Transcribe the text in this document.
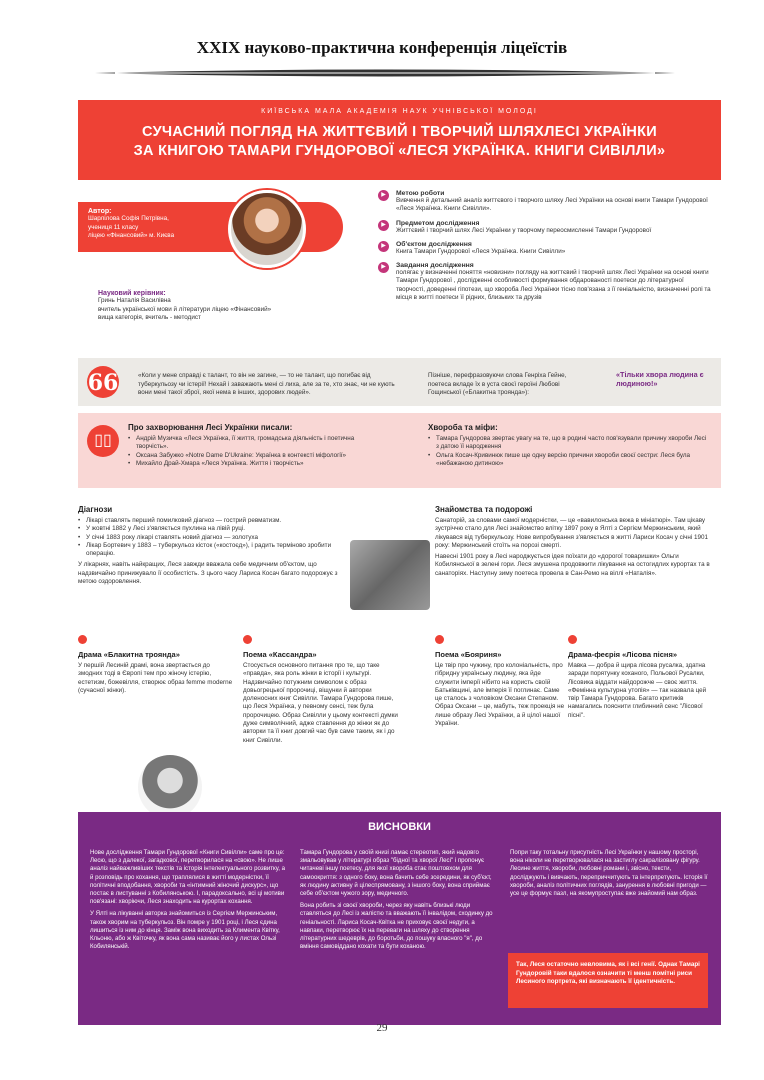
XXIX науково-практична конференція ліцеїстів
КИЇВСЬКА МАЛА АКАДЕМІЯ НАУК УЧНІВСЬКОЇ МОЛОДІ
СУЧАСНИЙ ПОГЛЯД НА ЖИТТЄВИЙ І ТВОРЧИЙ ШЛЯХЛЕСІ УКРАЇНКИ
ЗА КНИГОЮ ТАМАРИ ГУНДОРОВОЇ «ЛЕСЯ УКРАЇНКА. КНИГИ СИВІЛЛИ»
Автор:
Шарлілова Софія Петрівна,
учениця 11 класу
ліцею «Фінансовий» м. Києва
Науковий керівник:
Гринь Наталія Василівна
вчитель української мови й літератури ліцею «Фінансовий»
вища категорія, вчитель - методист
▶	Метою роботи
Вивчення й детальний аналіз життєвого і творчого шляху Лесі Українки на основі книги Тамари Гундорової «Леся Українка. Книги Сивілли».
▶	Предметом дослідження
Життєвий і творчий шлях Лесі Українки у творчому переосмисленні Тамари Гундорової
▶	Об'єктом дослідження
Книга Тамари Гундорової «Леся Українка. Книги Сивілли»
▶	Завдання дослідження
полягає у визначенні поняття «новизни» погляду на життєвий і творчий шлях Лесі Українки на основі книги Тамари Гундорової , дослідженні особливості формування обдарованості поетеси до літературної творчості, доведенні гіпотези, що хвороба Лесі Українки тісно пов'язана з її геніальністю, визначенні ролі та місця в житті поетеси її рідних, близьких та друзів
66	«Коли у мене справді є талант, то він не загине, — то не талант, що погибає від туберкульозу чи істерії! Нехай і заважають мені сі лиха, але за те, хто знає, чи не кують вони мені такої зброї, якої нема в інших, здорових людей».
Пізніше, перефразовуючи слова Генріха Гейне, поетеса вкладе їх в уста своєї героїні Любові Гощинської («Блакитна троянда»):
«Тільки хвора людина є людиною!»
▯▯
Про захворювання Лесі Українки писали:
• Андрій Музичка «Леся Українка, її життя, громадська діяльність і поетична творчість».
• Оксана Забужко «Notre Dame D'Ukraine: Українка в контексті міфології»
• Михайло Драй-Хмара «Леся Українка. Життя і творчість»
Хвороба та міфи:
• Тамара Гундорова звертає увагу на те, що в родині часто пов'язували причину хвороби Лесі з датою її народження
• Ольга Косач-Кривинюк пише ще одну версію причини хвороби своєї сестри: Леся була «небажаною дитиною»
Діагнози
• Лікарі ставлять перший помилковий діагноз — гострий ревматизм.
• У жовтні 1882 у Лесі з'являється пухлина на лівій руці.
• У січні 1883 року лікарі ставлять новий діагноз — золотуха
• Лікар Бортевич у 1883 – туберкульоз кісток («костоєд»), і радить терміново зробити операцію.
У лікарнях, навіть найкращих, Леся завжди вважала себе медичним об'єктом, що надзвичайно принижувало її особистість. З цього часу Лариса Косач багато подорожує з метою оздоровлення.
Знайомства та подорожі
Санаторій, за словами самої модерністки, — це «вавилонська вежа в мініатюрі». Там цікаву зустріччю стало для Лесі знайомство влітку 1897 року в Ялті з Сергієм Мержинським, який лікувався від туберкульозу. Нове випробування з'являється в житті Лариси Косач у січні 1901 року: Мержинський стоїть на порозі смерті.
Навесні 1901 року в Лесі народжується ідея поїхати до «дорогої товаришки» Ольги Кобилянської в зелені гори. Леся змушена продовжити лікування на остогидлих курортах та в санаторіях. Наступну зиму поетеса провела в Сан-Ремо на віллі «Наталія».
Драма «Блакитна троянда»
У першій Лесиній драмі, вона звертається до змодних тоді в Європі тем про жіночу істерію, естетизм, божевілля, створює образ femme moderne (сучасної жінки).
Поема «Кассандра»
Стосується основного питання про те, що таке «правда», яка роль жінки в історії і культурі. Надзвичайно потужним символом є образ довьогрецької пророчиці, віщунки й авторки доленосних книг Сивілли. Тамара Гундорова пише, що Леся Українка, у певному сенсі, теж була пророчицею. Образ Сивілли у цьому контексті думки дуже символічний, адже ставлення до жінки як до авторки та її книг довгий час був саме таким, як і до книг Сивілли.
Поема «Бояриня»
Це твір про чужину, про колоніальність, про гібридну українську людину, яка йде служити імперії нібито на користь своїй Батьківщині, але імперія її поглинає. Саме це сталось з чоловіком Оксани Степаном. Образ Оксани – це, мабуть, теж проекція не лише образу Лесі Українки, а й цілої нашої України.
Драма-феєрія «Лісова пісня»
Мавка — добра й щира лісова русалка, здатна заради порятунку коханого, Польової Русалки, Лісовика віддати найдорожче — своє життя. «Фемінна культурна утопія» — так назвала цей твір Тамара Гундорова. Багато критиків намагались пояснити глибинний сенс "Лісової пісні".
ВИСНОВКИ

Нове дослідження Тамари Гундорової «Книги Сивілли» саме про це: Лесю, що з далекої, загадкової, перетворилася на «свою». Не лише аналіз найважливіших текстів та історія інтелектуального розвитку, а й розповідь про кохання, що траплялися в житті модерністки, її політичні вподобання, хвороби та «інтимний жіночий дискурс», що постає в листуванні з Кобилянською. І, парадоксально, всі ці мотиви пов'язані: хворіючи, Леся знаходить на курортах кохання.

У Ялті на лікуванні авторка знайомиться із Сергієм Мержинським, також хворим на туберкульоз. Він помре у 1901 році, і Леся єдина лишиться із ним до кінця. Заміж вона виходить за Климента Квітку, Кльоню, або ж Квіточку, як вона сама називає його у листах Ользі Кобилянській.

Тамара Гундорова у своїй книзі ламає стереотип, який надовго змальовував у літературі образ "бідної та хворої Лесі" і пропонує читачеві іншу поетесу, для якої хвороба стає поштовхом для самоокриття: з одного боку, вона бачить себе зсередини, як суб'єкт, як людину активну й цілеспрямовану, з іншого боку, вона сприймає себе об'єктом чужого зору, медичного.

Вона робить зі своєї хвороби, через яку навіть близькі люди ставляться до Лесі із жалістю та вважають її інвалідом, сходинку до геніальності. Лариса Косач-Квітка не приховує своєї недуги, а навпаки, перетворює їх на переваги на шляху до створення літературних шедеврів, до боротьби, до пошуку власного "я", до вміння самовіддано кохати та бути коханою.

Попри таку тотальну присутність Лесі Українки у нашому просторі, вона ніколи не перетворювалася на застиглу сакралізовану фігуру. Лесине життя, хвороби, любовні романи і, звісно, тексти, досліджують і вивчають, переприччитують та інтерпретують. Історія її хвороби, аналіз політичних поглядів, занурення в любовні пригоди — усе це формує пазл, на якомупроступає вже знайомий нам образ.

Так, Леся остаточно невловима, як і всі генії. Однак Тамарі Гундоровій таки вдалося означити ті менш помітні риси Лесиного портрета, які визначають її ідентичність.
29
